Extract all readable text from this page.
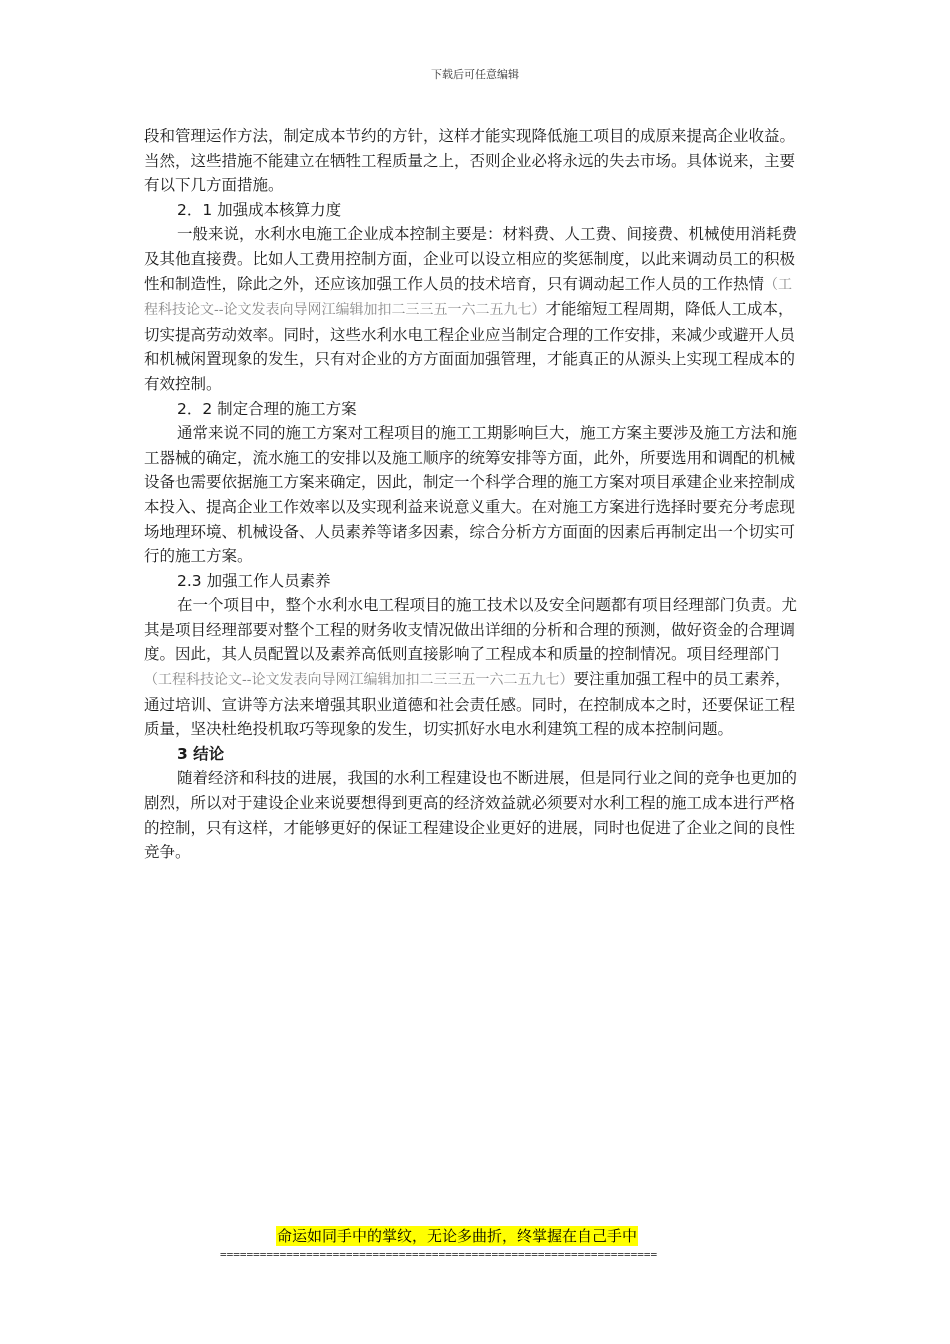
下载后可任意编辑

段和管理运作方法，制定成本节约的方针，这样才能实现降低施工项目的成原来提高企业收益。当然，这些措施不能建立在牺牲工程质量之上，否则企业必将永远的失去市场。具体说来，主要有以下几方面措施。

2．1 加强成本核算力度

一般来说，水利水电施工企业成本控制主要是：材料费、人工费、间接费、机械使用消耗费及其他直接费。比如人工费用控制方面，企业可以设立相应的奖惩制度，以此来调动员工的积极性和制造性，除此之外，还应该加强工作人员的技术培育，只有调动起工作人员的工作热情（工程科技论文--论文发表向导网江编辑加扣二三三五一六二五九七）才能缩短工程周期，降低人工成本，切实提高劳动效率。同时，这些水利水电工程企业应当制定合理的工作安排，来减少或避开人员和机械闲置现象的发生，只有对企业的方方面面加强管理，才能真正的从源头上实现工程成本的有效控制。

2．2 制定合理的施工方案

通常来说不同的施工方案对工程项目的施工工期影响巨大，施工方案主要涉及施工方法和施工器械的确定，流水施工的安排以及施工顺序的统筹安排等方面，此外，所要选用和调配的机械设备也需要依据施工方案来确定，因此，制定一个科学合理的施工方案对项目承建企业来控制成本投入、提高企业工作效率以及实现利益来说意义重大。在对施工方案进行选择时要充分考虑现场地理环境、机械设备、人员素养等诸多因素，综合分析方方面面的因素后再制定出一个切实可行的施工方案。

2.3 加强工作人员素养

在一个项目中，整个水利水电工程项目的施工技术以及安全问题都有项目经理部门负责。尤其是项目经理部要对整个工程的财务收支情况做出详细的分析和合理的预测，做好资金的合理调度。因此，其人员配置以及素养高低则直接影响了工程成本和质量的控制情况。项目经理部门（工程科技论文--论文发表向导网江编辑加扣二三三五一六二五九七）要注重加强工程中的员工素养，通过培训、宣讲等方法来增强其职业道德和社会责任感。同时，在控制成本之时，还要保证工程质量，坚决杜绝投机取巧等现象的发生，切实抓好水电水利建筑工程的成本控制问题。

3 结论

随着经济和科技的进展，我国的水利工程建设也不断进展，但是同行业之间的竞争也更加的剧烈，所以对于建设企业来说要想得到更高的经济效益就必须要对水利工程的施工成本进行严格的控制，只有这样，才能够更好的保证工程建设企业更好的进展，同时也促进了企业之间的良性竞争。

命运如同手中的掌纹，无论多曲折，终掌握在自己手中
==================================================================
